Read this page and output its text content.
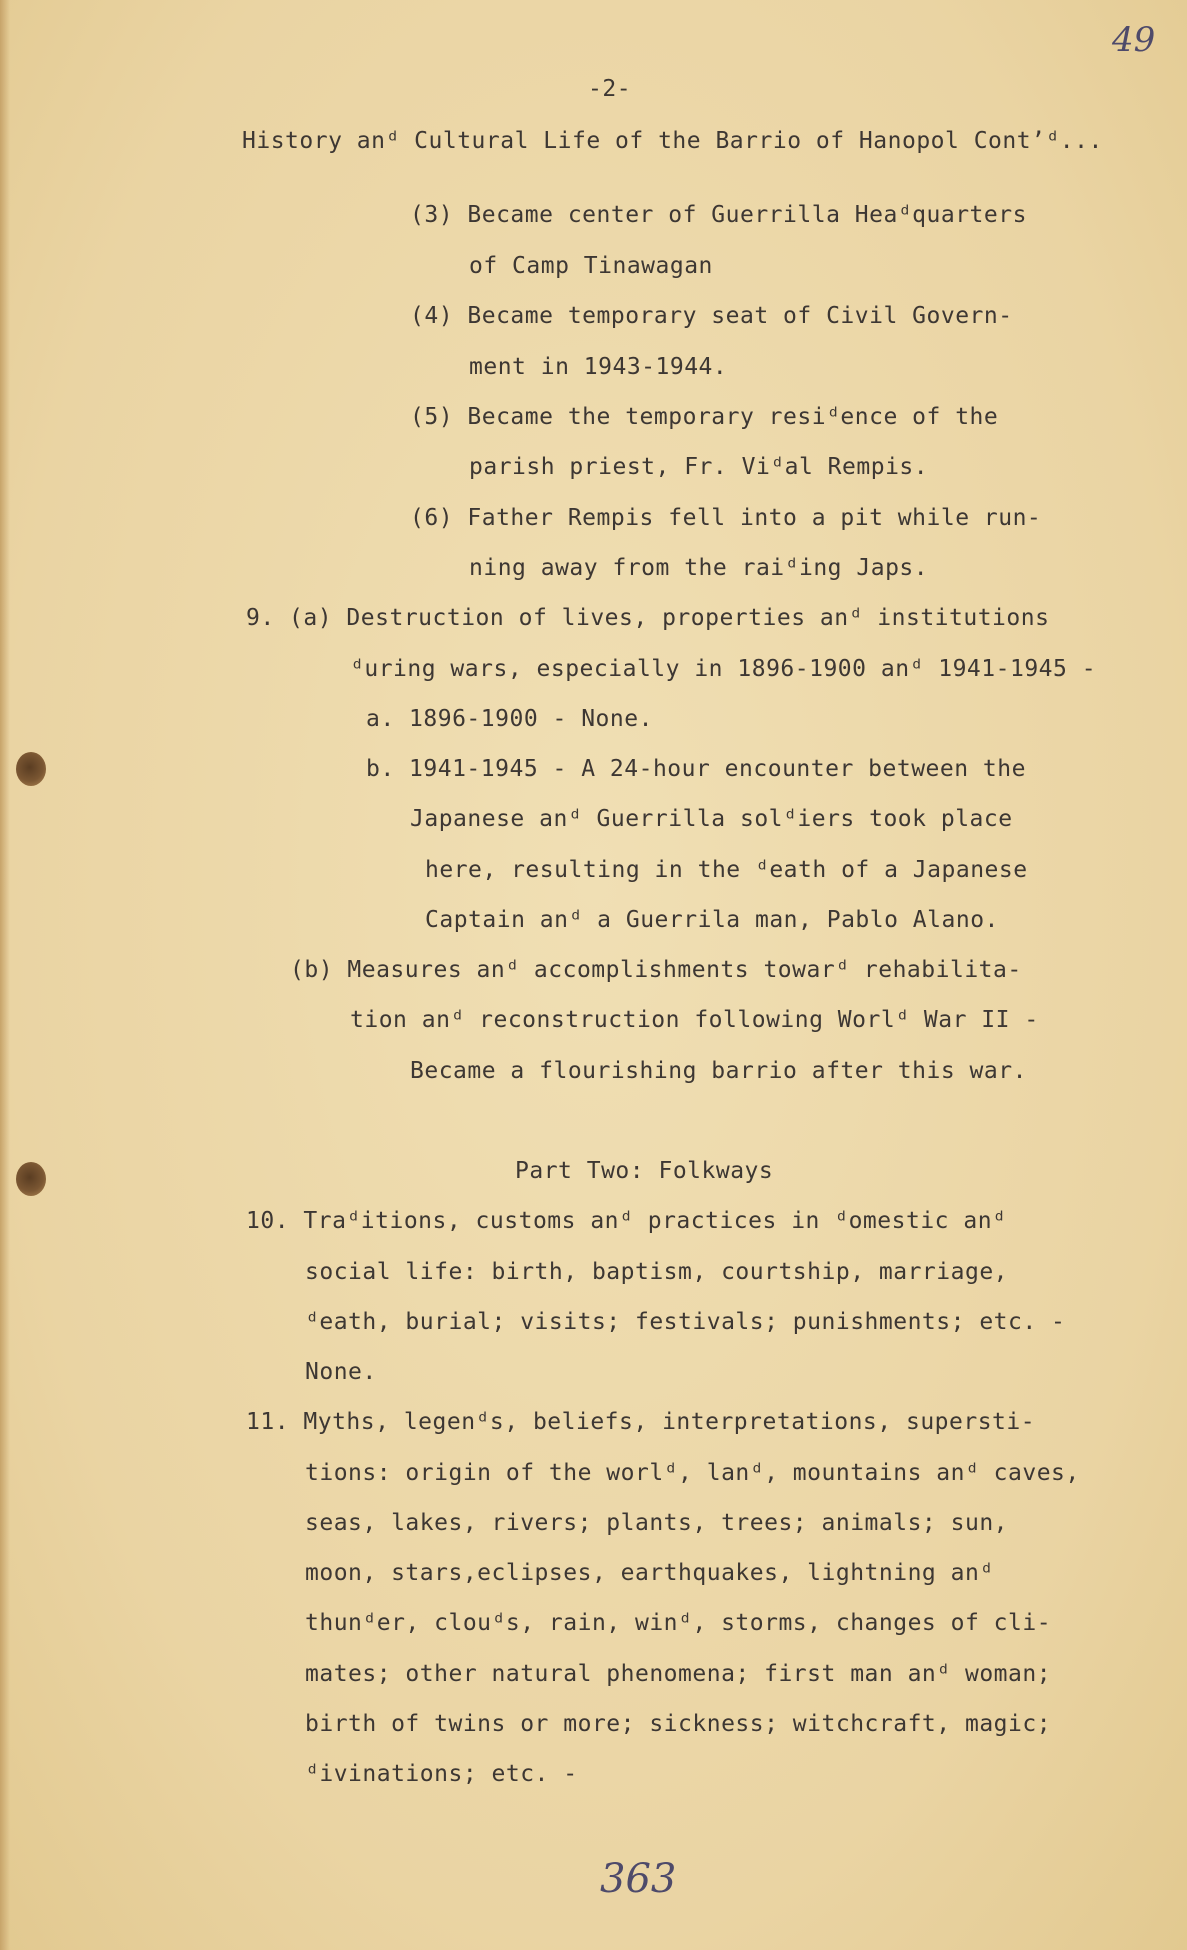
49
-2-
History anᵈ Cultural Life of the Barrio of Hanopol Cont’ᵈ...
(3) Became center of Guerrilla Heaᵈquarters
of Camp Tinawagan
(4) Became temporary seat of Civil Govern-
ment in 1943-1944.
(5) Became the temporary resiᵈence of the
parish priest, Fr. Viᵈal Rempis.
(6) Father Rempis fell into a pit while run-
ning away from the raiᵈing Japs.
9. (a) Destruction of lives, properties anᵈ institutions
ᵈuring wars, especially in 1896-1900 anᵈ 1941-1945 -
a. 1896-1900 - None.
b. 1941-1945 - A 24-hour encounter between the
Japanese anᵈ Guerrilla solᵈiers took place
here, resulting in the ᵈeath of a Japanese
Captain anᵈ a Guerrila man, Pablo Alano.
(b) Measures anᵈ accomplishments towarᵈ rehabilita-
tion anᵈ reconstruction following Worlᵈ War II -
Became a flourishing barrio after this war.
Part Two: Folkways
10. Traᵈitions, customs anᵈ practices in ᵈomestic anᵈ
social life: birth, baptism, courtship, marriage,
ᵈeath, burial; visits; festivals; punishments; etc. -
None.
11. Myths, legenᵈs, beliefs, interpretations, supersti-
tions: origin of the worlᵈ, lanᵈ, mountains anᵈ caves,
seas, lakes, rivers; plants, trees; animals; sun,
moon, stars,eclipses, earthquakes, lightning anᵈ
thunᵈer, clouᵈs, rain, winᵈ, storms, changes of cli-
mates; other natural phenomena; first man anᵈ woman;
birth of twins or more; sickness; witchcraft, magic;
ᵈivinations; etc. -
363
